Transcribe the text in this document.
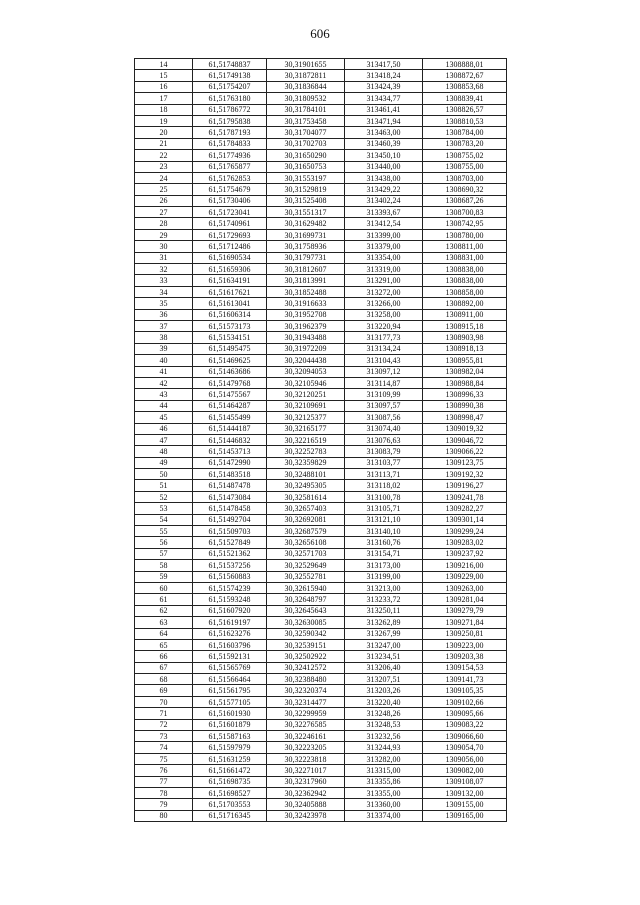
606
14	61,51748837	30,31901655	313417,50	1308888,01
15	61,51749138	30,31872811	313418,24	1308872,67
16	61,51754207	30,31836844	313424,39	1308853,68
17	61,51763180	30,31809532	313434,77	1308839,41
18	61,51786772	30,31784101	313461,41	1308826,57
19	61,51795838	30,31753458	313471,94	1308810,53
20	61,51787193	30,31704077	313463,00	1308784,00
21	61,51784833	30,31702703	313460,39	1308783,20
22	61,51774936	30,31650290	313450,10	1308755,02
23	61,51765877	30,31650753	313440,00	1308755,00
24	61,51762853	30,31553197	313438,00	1308703,00
25	61,51754679	30,31529819	313429,22	1308690,32
26	61,51730406	30,31525408	313402,24	1308687,26
27	61,51723041	30,31551317	313393,67	1308700,83
28	61,51740961	30,31629482	313412,54	1308742,95
29	61,51729693	30,31699731	313399,00	1308780,00
30	61,51712486	30,31758936	313379,00	1308811,00
31	61,51690534	30,31797731	313354,00	1308831,00
32	61,51659306	30,31812607	313319,00	1308838,00
33	61,51634191	30,31813991	313291,00	1308838,00
34	61,51617621	30,31852488	313272,00	1308858,00
35	61,51613041	30,31916633	313266,00	1308892,00
36	61,51606314	30,31952708	313258,00	1308911,00
37	61,51573173	30,31962379	313220,94	1308915,18
38	61,51534151	30,31943488	313177,73	1308903,98
39	61,51495475	30,31972209	313134,24	1308918,13
40	61,51469625	30,32044438	313104,43	1308955,81
41	61,51463686	30,32094053	313097,12	1308982,04
42	61,51479768	30,32105946	313114,87	1308988,84
43	61,51475567	30,32120251	313109,99	1308996,33
44	61,51464287	30,32109691	313097,57	1308990,38
45	61,51455499	30,32125377	313087,56	1308998,47
46	61,51444187	30,32165177	313074,40	1309019,32
47	61,51446832	30,32216519	313076,63	1309046,72
48	61,51453713	30,32252783	313083,79	1309066,22
49	61,51472990	30,32359829	313103,77	1309123,75
50	61,51483518	30,32488101	313113,71	1309192,32
51	61,51487478	30,32495305	313118,02	1309196,27
52	61,51473084	30,32581614	313100,78	1309241,78
53	61,51478458	30,32657403	313105,71	1309282,27
54	61,51492704	30,32692081	313121,10	1309301,14
55	61,51509703	30,32687579	313140,10	1309299,24
56	61,51527849	30,32656108	313160,76	1309283,02
57	61,51521362	30,32571703	313154,71	1309237,92
58	61,51537256	30,32529649	313173,00	1309216,00
59	61,51560883	30,32552781	313199,00	1309229,00
60	61,51574239	30,32615940	313213,00	1309263,00
61	61,51593248	30,32648797	313233,72	1309281,04
62	61,51607920	30,32645643	313250,11	1309279,79
63	61,51619197	30,32630085	313262,89	1309271,84
64	61,51623276	30,32590342	313267,99	1309250,81
65	61,51603796	30,32539151	313247,00	1309223,00
66	61,51592131	30,32502922	313234,51	1309203,38
67	61,51565769	30,32412572	313206,40	1309154,53
68	61,51566464	30,32388480	313207,51	1309141,73
69	61,51561795	30,32320374	313203,26	1309105,35
70	61,51577105	30,32314477	313220,40	1309102,66
71	61,51601930	30,32299959	313248,26	1309095,66
72	61,51601879	30,32276585	313248,53	1309083,22
73	61,51587163	30,32246161	313232,56	1309066,60
74	61,51597979	30,32223205	313244,93	1309054,70
75	61,51631259	30,32223818	313282,00	1309056,00
76	61,51661472	30,32271017	313315,00	1309082,00
77	61,51698735	30,32317960	313355,86	1309108,07
78	61,51698527	30,32362942	313355,00	1309132,00
79	61,51703553	30,32405888	313360,00	1309155,00
80	61,51716345	30,32423978	313374,00	1309165,00
